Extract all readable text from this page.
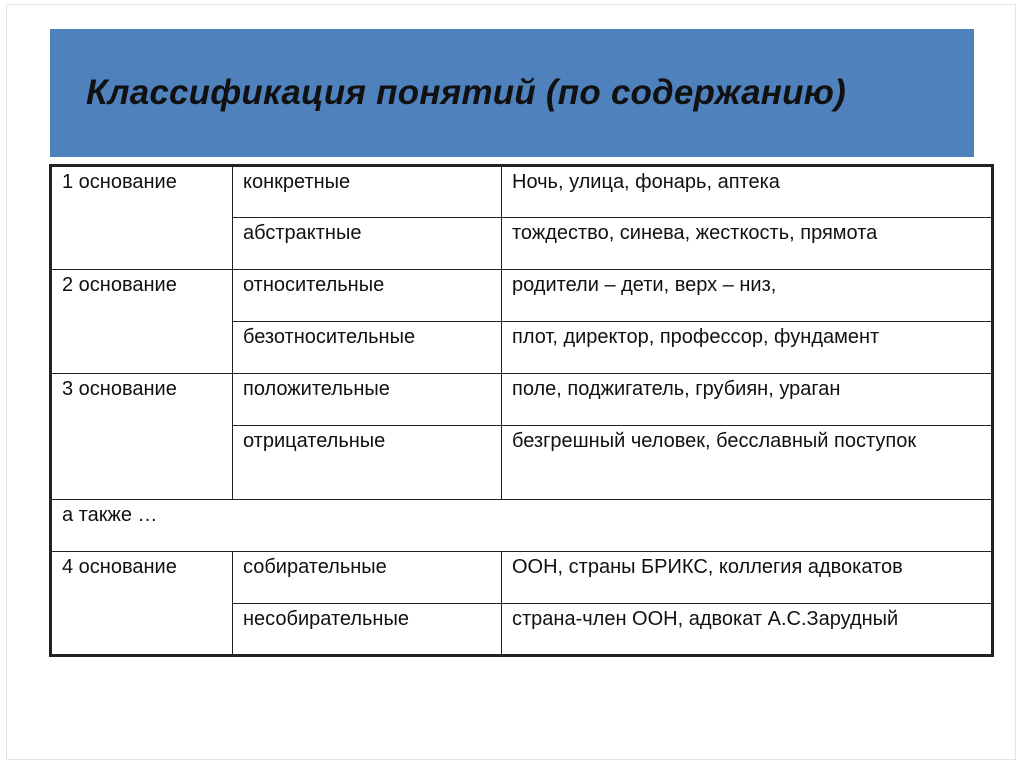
Классификация понятий (по содержанию)
1 основание	конкретные	Ночь, улица, фонарь, аптека
	абстрактные	тождество, синева, жесткость, прямота
2 основание	относительные	родители – дети, верх – низ,
	безотносительные	плот, директор, профессор, фундамент
3 основание	положительные	поле, поджигатель, грубиян, ураган
	отрицательные	безгрешный человек, бесславный поступок
а также …		
4 основание	собирательные	ООН, страны БРИКС, коллегия адвокатов
	несобирательные	страна-член ООН, адвокат А.С.Зарудный
